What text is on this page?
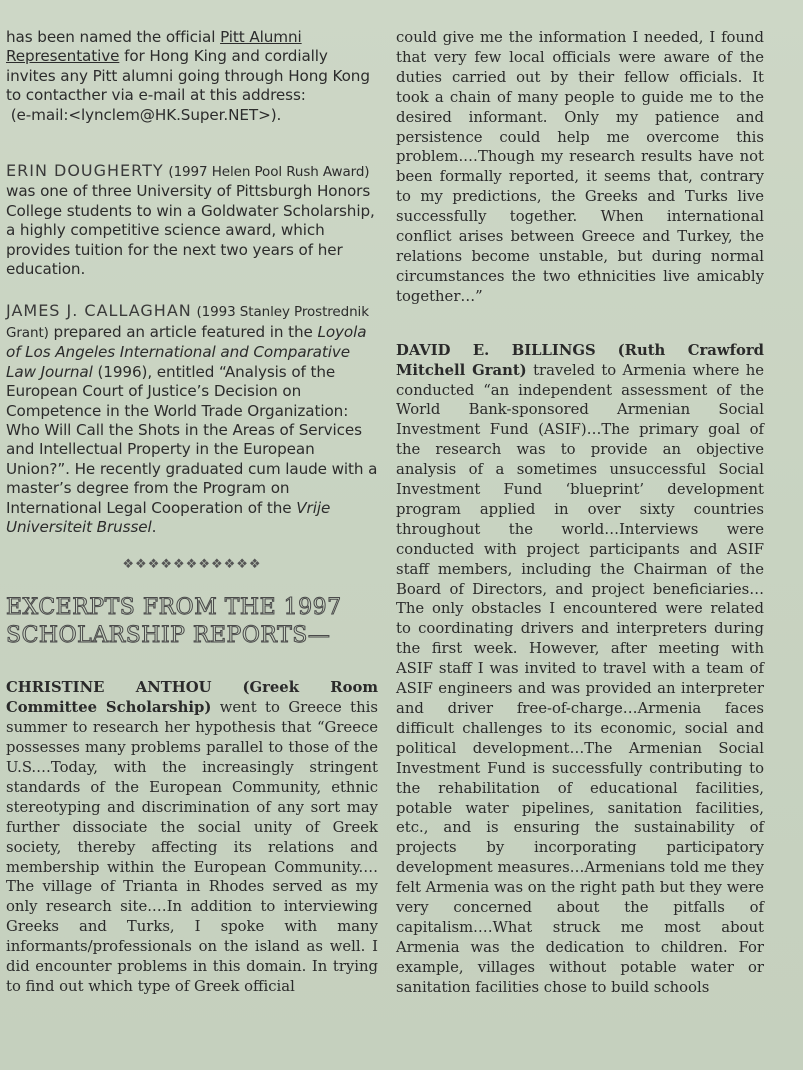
has been named the official Pitt Alumni Representative for Hong King and cordially invites any Pitt alumni going through Hong Kong to contacther via e-mail at this address:
(e-mail:<lynclem@HK.Super.NET>).

ERIN DOUGHERTY (1997 Helen Pool Rush Award) was one of three University of Pittsburgh Honors College students to win a Goldwater Scholarship, a highly competitive science award, which provides tuition for the next two years of her education.

JAMES J. CALLAGHAN (1993 Stanley Prostrednik Grant) prepared an article featured in the Loyola of Los Angeles International and Comparative Law Journal (1996), entitled “Analysis of the European Court of Justice’s Decision on Competence in the World Trade Organization: Who Will Call the Shots in the Areas of Services and Intellectual Property in the European Union?”. He recently graduated cum laude with a master’s degree from the Program on International Legal Cooperation of the Vrije Universiteit Brussel.

❖❖❖❖❖❖❖❖❖❖❖
EXCERPTS FROM THE 1997 SCHOLARSHIP REPORTS—

CHRISTINE ANTHOU (Greek Room Committee Scholarship) went to Greece this summer to research her hypothesis that “Greece possesses many problems parallel to those of the U.S.…Today, with the increasingly stringent standards of the European Community, ethnic stereotyping and discrimination of any sort may further dissociate the social unity of Greek society, thereby affecting its relations and membership within the European Community.…The village of Trianta in Rhodes served as my only research site.…In addition to interviewing Greeks and Turks, I spoke with many informants/professionals on the island as well. I did encounter problems in this domain. In trying to find out which type of Greek official

could give me the information I needed, I found that very few local officials were aware of the duties carried out by their fellow officials. It took a chain of many people to guide me to the desired informant. Only my patience and persistence could help me overcome this problem.…Though my research results have not been formally reported, it seems that, contrary to my predictions, the Greeks and Turks live successfully together. When international conflict arises between Greece and Turkey, the relations become unstable, but during normal circumstances the two ethnicities live amicably together…”

DAVID E. BILLINGS (Ruth Crawford Mitchell Grant) traveled to Armenia where he conducted “an independent assessment of the World Bank-sponsored Armenian Social Investment Fund (ASIF)…The primary goal of the research was to provide an objective analysis of a sometimes unsuccessful Social Investment Fund ‘blueprint’ development program applied in over sixty countries throughout the world…Interviews were conducted with project participants and ASIF staff members, including the Chairman of the Board of Directors, and project beneficiaries…The only obstacles I encountered were related to coordinating drivers and interpreters during the first week. However, after meeting with ASIF staff I was invited to travel with a team of ASIF engineers and was provided an interpreter and driver free-of-charge…Armenia faces difficult challenges to its economic, social and political development…The Armenian Social Investment Fund is successfully contributing to the rehabilitation of educational facilities, potable water pipelines, sanitation facilities, etc., and is ensuring the sustainability of projects by incorporating participatory development measures…Armenians told me they felt Armenia was on the right path but they were very concerned about the pitfalls of capitalism.…What struck me most about Armenia was the dedication to children. For example, villages without potable water or sanitation facilities chose to build schools
